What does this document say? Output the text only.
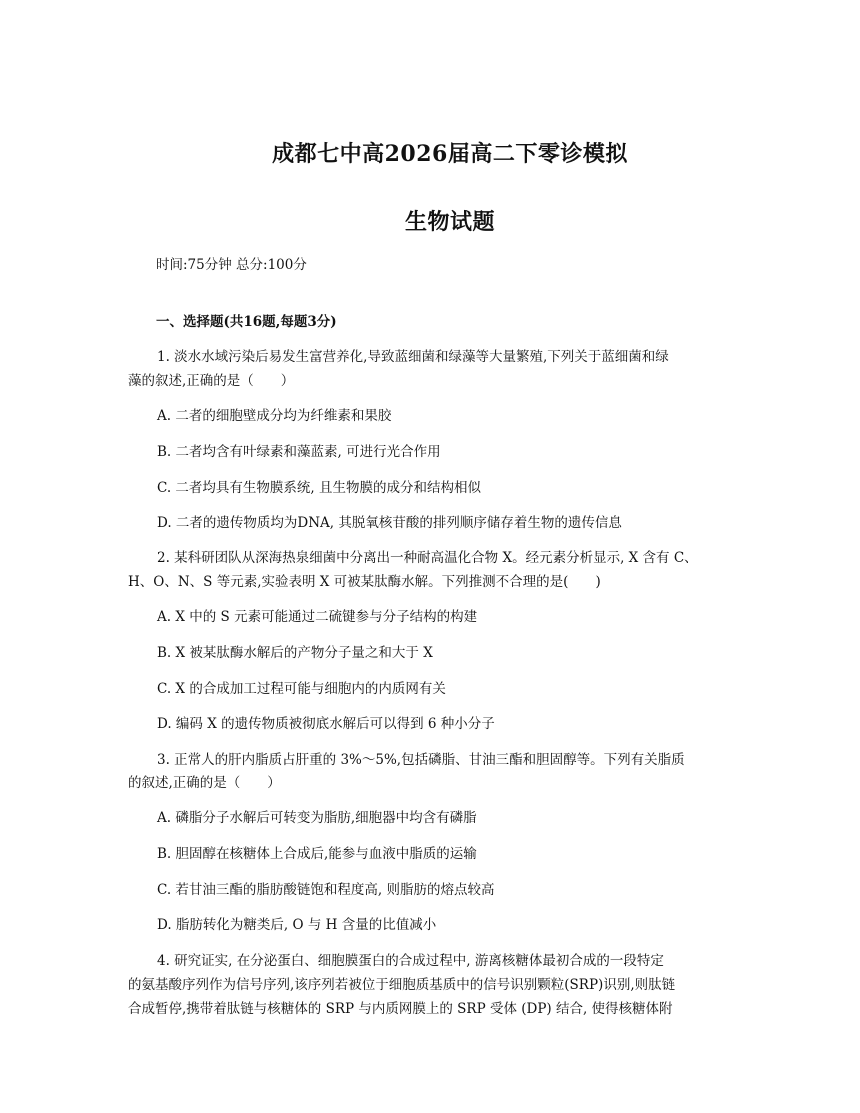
成都七中高2026届高二下零诊模拟
生物试题
时间:75分钟 总分:100分
一、选择题(共16题,每题3分)
1. 淡水水域污染后易发生富营养化,导致蓝细菌和绿藻等大量繁殖,下列关于蓝细菌和绿
藻的叙述,正确的是（　　）
A. 二者的细胞壁成分均为纤维素和果胶
B. 二者均含有叶绿素和藻蓝素, 可进行光合作用
C. 二者均具有生物膜系统, 且生物膜的成分和结构相似
D. 二者的遗传物质均为DNA, 其脱氧核苷酸的排列顺序储存着生物的遗传信息
2. 某科研团队从深海热泉细菌中分离出一种耐高温化合物 X。经元素分析显示, X 含有 C、
H、O、N、S 等元素,实验表明 X 可被某肽酶水解。下列推测不合理的是(　　)
A. X 中的 S 元素可能通过二硫键参与分子结构的构建
B. X 被某肽酶水解后的产物分子量之和大于 X
C. X 的合成加工过程可能与细胞内的内质网有关
D. 编码 X 的遗传物质被彻底水解后可以得到 6 种小分子
3. 正常人的肝内脂质占肝重的 3%～5%,包括磷脂、甘油三酯和胆固醇等。下列有关脂质
的叙述,正确的是（　　）
A. 磷脂分子水解后可转变为脂肪,细胞器中均含有磷脂
B. 胆固醇在核糖体上合成后,能参与血液中脂质的运输
C. 若甘油三酯的脂肪酸链饱和程度高, 则脂肪的熔点较高
D. 脂肪转化为糖类后, O 与 H 含量的比值减小
4. 研究证实, 在分泌蛋白、细胞膜蛋白的合成过程中, 游离核糖体最初合成的一段特定
的氨基酸序列作为信号序列,该序列若被位于细胞质基质中的信号识别颗粒(SRP)识别,则肽链
合成暂停,携带着肽链与核糖体的 SRP 与内质网膜上的 SRP 受体 (DP) 结合, 使得核糖体附
